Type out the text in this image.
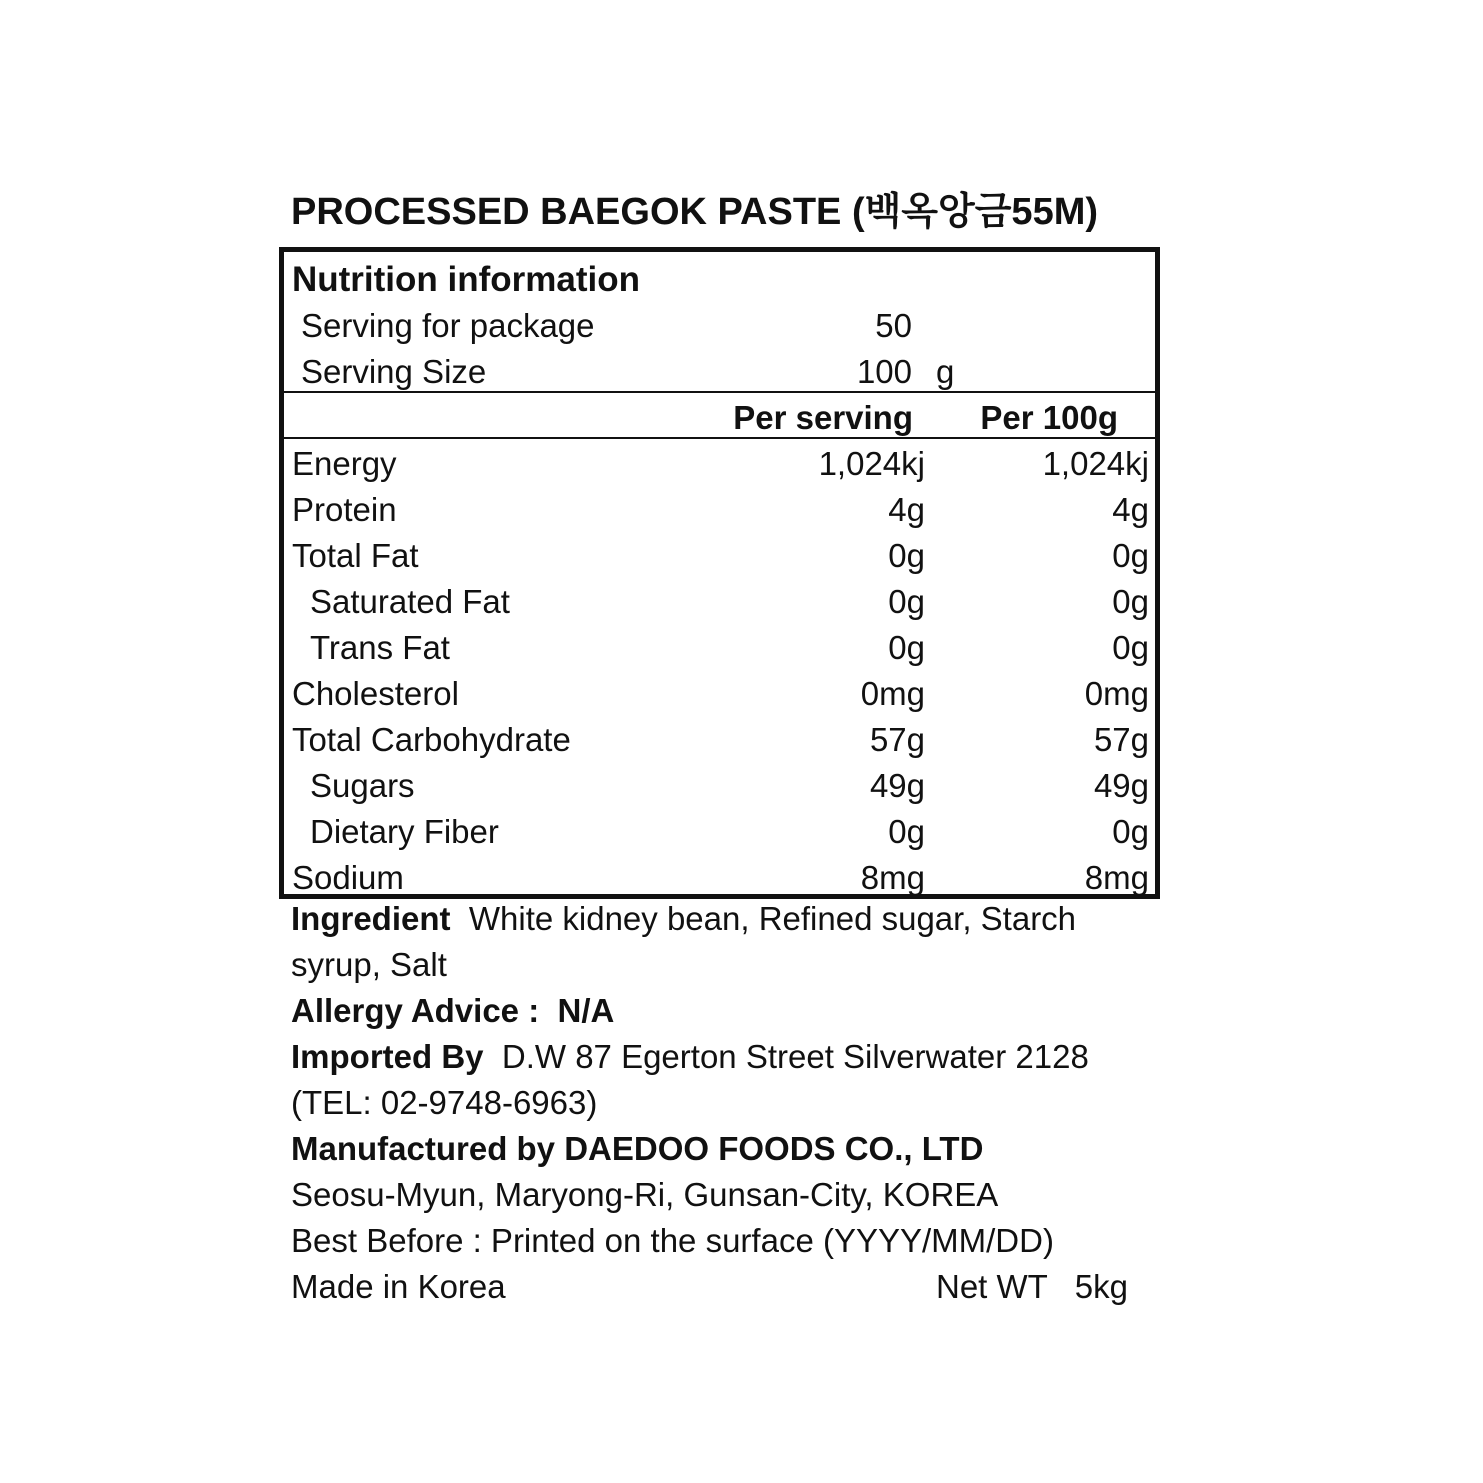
PROCESSED BAEGOK PASTE (백옥앙금55M)
Nutrition information
Serving for package	50
Serving Size	100 g
Per serving Per 100g
Energy	1,024kj	1,024kj
Protein	4g	4g
Total Fat	0g	0g
Saturated Fat	0g	0g
Trans Fat	0g	0g
Cholesterol	0mg	0mg
Total Carbohydrate	57g	57g
Sugars	49g	49g
Dietary Fiber	0g	0g
Sodium	8mg	8mg
Ingredient White kidney bean, Refined sugar, Starch
syrup, Salt
Allergy Advice : N/A
Imported By D.W 87 Egerton Street Silverwater 2128
(TEL: 02-9748-6963)
Manufactured by DAEDOO FOODS CO., LTD
Seosu-Myun, Maryong-Ri, Gunsan-City, KOREA
Best Before : Printed on the surface (YYYY/MM/DD)
Made in Korea	Net WT   5kg
